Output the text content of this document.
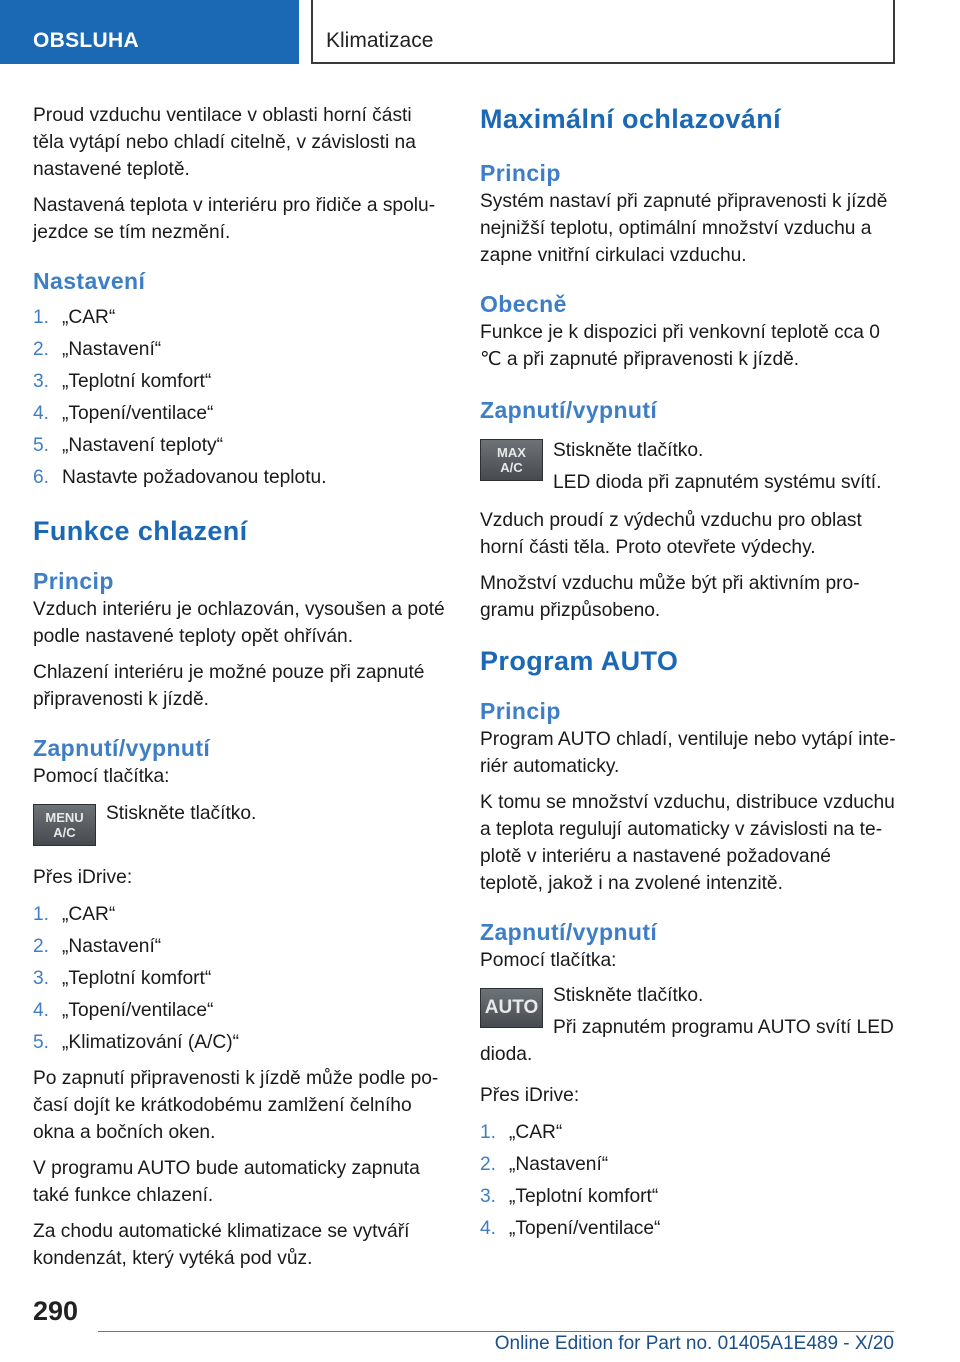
OBSLUHA	Klimatizace

Proud vzduchu ventilace v oblasti horní části těla vytápí nebo chladí citelně, v závislosti na nastavené teplotě.

Nastavená teplota v interiéru pro řidiče a spolujezdce se tím nezmění.

Nastavení
1. „CAR“
2. „Nastavení“
3. „Teplotní komfort“
4. „Topení/ventilace“
5. „Nastavení teploty“
6. Nastavte požadovanou teplotu.
Funkce chlazení
Princip

Vzduch interiéru je ochlazován, vysoušen a poté podle nastavené teploty opět ohříván.

Chlazení interiéru je možné pouze při zapnuté připravenosti k jízdě.

Zapnutí/vypnutí

Pomocí tlačítka:

MENU
A/C

Stiskněte tlačítko.

Přes iDrive:

1. „CAR“
2. „Nastavení“
3. „Teplotní komfort“
4. „Topení/ventilace“
5. „Klimatizování (A/C)“

Po zapnutí připravenosti k jízdě může podle počasí dojít ke krátkodobému zamlžení čelního okna a bočních oken.

V programu AUTO bude automaticky zapnuta také funkce chlazení.

Za chodu automatické klimatizace se vytváří kondenzát, který vytéká pod vůz.

Maximální ochlazování
Princip

Systém nastaví při zapnuté připravenosti k jízdě nejnižší teplotu, optimální množství vzduchu a zapne vnitřní cirkulaci vzduchu.

Obecně

Funkce je k dispozici při venkovní teplotě cca 0 ℃ a při zapnuté připravenosti k jízdě.

Zapnutí/vypnutí
MAX
A/C

Stiskněte tlačítko.

LED dioda při zapnutém systému svítí.

Vzduch proudí z výdechů vzduchu pro oblast horní části těla. Proto otevřete výdechy.

Množství vzduchu může být při aktivním programu přizpůsobeno.

Program AUTO
Princip

Program AUTO chladí, ventiluje nebo vytápí interiér automaticky.

K tomu se množství vzduchu, distribuce vzduchu a teplota regulují automaticky v závislosti na teplotě v interiéru a nastavené požadované teplotě, jakož i na zvolené intenzitě.

Zapnutí/vypnutí

Pomocí tlačítka:

AUTO

Stiskněte tlačítko.

Při zapnutém programu AUTO svítí LED dioda.

Přes iDrive:

1. „CAR“
2. „Nastavení“
3. „Teplotní komfort“
4. „Topení/ventilace“
290
Online Edition for Part no. 01405A1E489 - X/20
